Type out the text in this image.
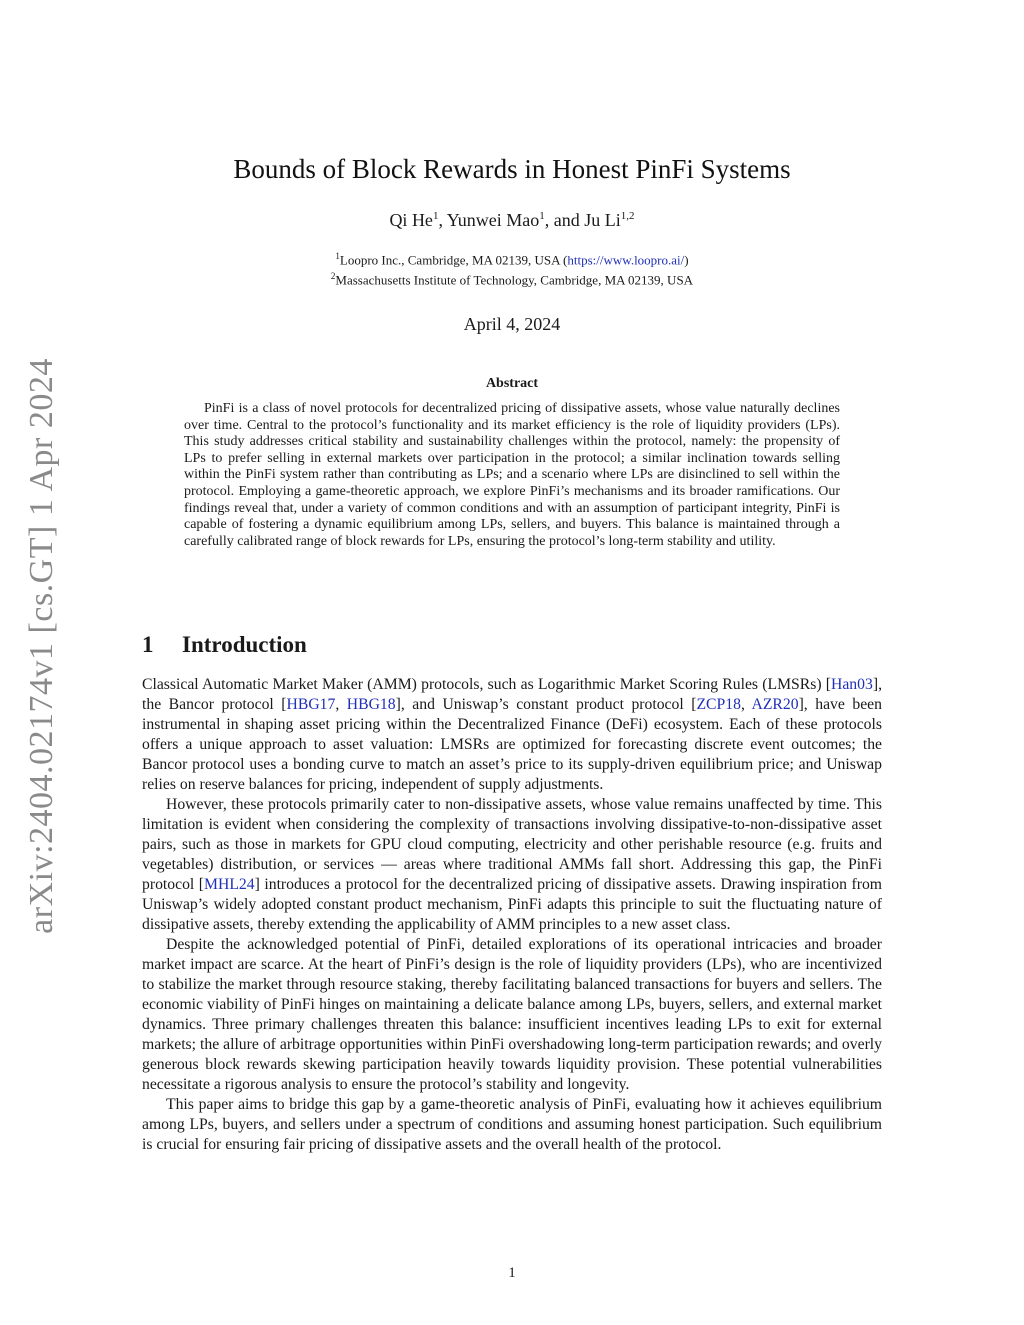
arXiv:2404.02174v1 [cs.GT] 1 Apr 2024
Bounds of Block Rewards in Honest PinFi Systems
Qi He$^1$, Yunwei Mao$^1$, and Ju Li$^{1,2}$
$^1$Loopro Inc., Cambridge, MA 02139, USA (https://www.loopro.ai/)
$^2$Massachusetts Institute of Technology, Cambridge, MA 02139, USA
April 4, 2024
Abstract

PinFi is a class of novel protocols for decentralized pricing of dissipative assets, whose value naturally declines over time. Central to the protocol’s functionality and its market efficiency is the role of liquidity providers (LPs). This study addresses critical stability and sustainability challenges within the protocol, namely: the propensity of LPs to prefer selling in external markets over participation in the protocol; a similar inclination towards selling within the PinFi system rather than contributing as LPs; and a scenario where LPs are disinclined to sell within the protocol. Employing a game-theoretic approach, we explore PinFi’s mechanisms and its broader ramifications. Our findings reveal that, under a variety of common conditions and with an assumption of participant integrity, PinFi is capable of fostering a dynamic equilibrium among LPs, sellers, and buyers. This balance is maintained through a carefully calibrated range of block rewards for LPs, ensuring the protocol’s long-term stability and utility.

1 Introduction

Classical Automatic Market Maker (AMM) protocols, such as Logarithmic Market Scoring Rules (LMSRs) [Han03], the Bancor protocol [HBG17, HBG18], and Uniswap’s constant product protocol [ZCP18, AZR20], have been instrumental in shaping asset pricing within the Decentralized Finance (DeFi) ecosystem. Each of these protocols offers a unique approach to asset valuation: LMSRs are optimized for forecasting discrete event outcomes; the Bancor protocol uses a bonding curve to match an asset’s price to its supply-driven equilibrium price; and Uniswap relies on reserve balances for pricing, independent of supply adjustments.

However, these protocols primarily cater to non-dissipative assets, whose value remains unaffected by time. This limitation is evident when considering the complexity of transactions involving dissipative-to-non-dissipative asset pairs, such as those in markets for GPU cloud computing, electricity and other perishable resource (e.g. fruits and vegetables) distribution, or services — areas where traditional AMMs fall short. Addressing this gap, the PinFi protocol [MHL24] introduces a protocol for the decentralized pricing of dissipative assets. Drawing inspiration from Uniswap’s widely adopted constant product mechanism, PinFi adapts this principle to suit the fluctuating nature of dissipative assets, thereby extending the applicability of AMM principles to a new asset class.

Despite the acknowledged potential of PinFi, detailed explorations of its operational intricacies and broader market impact are scarce. At the heart of PinFi’s design is the role of liquidity providers (LPs), who are incentivized to stabilize the market through resource staking, thereby facilitating balanced transactions for buyers and sellers. The economic viability of PinFi hinges on maintaining a delicate balance among LPs, buyers, sellers, and external market dynamics. Three primary challenges threaten this balance: insufficient incentives leading LPs to exit for external markets; the allure of arbitrage opportunities within PinFi overshadowing long-term participation rewards; and overly generous block rewards skewing participation heavily towards liquidity provision. These potential vulnerabilities necessitate a rigorous analysis to ensure the protocol’s stability and longevity.

This paper aims to bridge this gap by a game-theoretic analysis of PinFi, evaluating how it achieves equilibrium among LPs, buyers, and sellers under a spectrum of conditions and assuming honest participation. Such equilibrium is crucial for ensuring fair pricing of dissipative assets and the overall health of the protocol.

1
